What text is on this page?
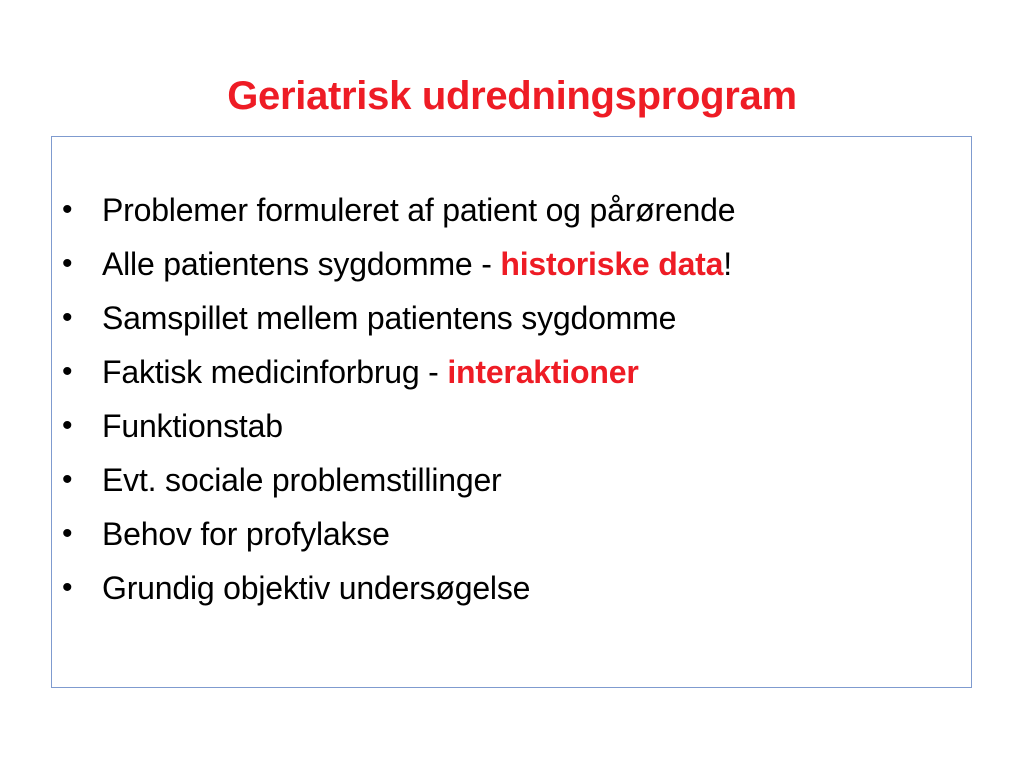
Geriatrisk udredningsprogram
• Problemer formuleret af patient og pårørende
• Alle patientens sygdomme - historiske data!
• Samspillet mellem patientens sygdomme
• Faktisk medicinforbrug - interaktioner
• Funktionstab
• Evt. sociale problemstillinger
• Behov for profylakse
• Grundig objektiv undersøgelse
